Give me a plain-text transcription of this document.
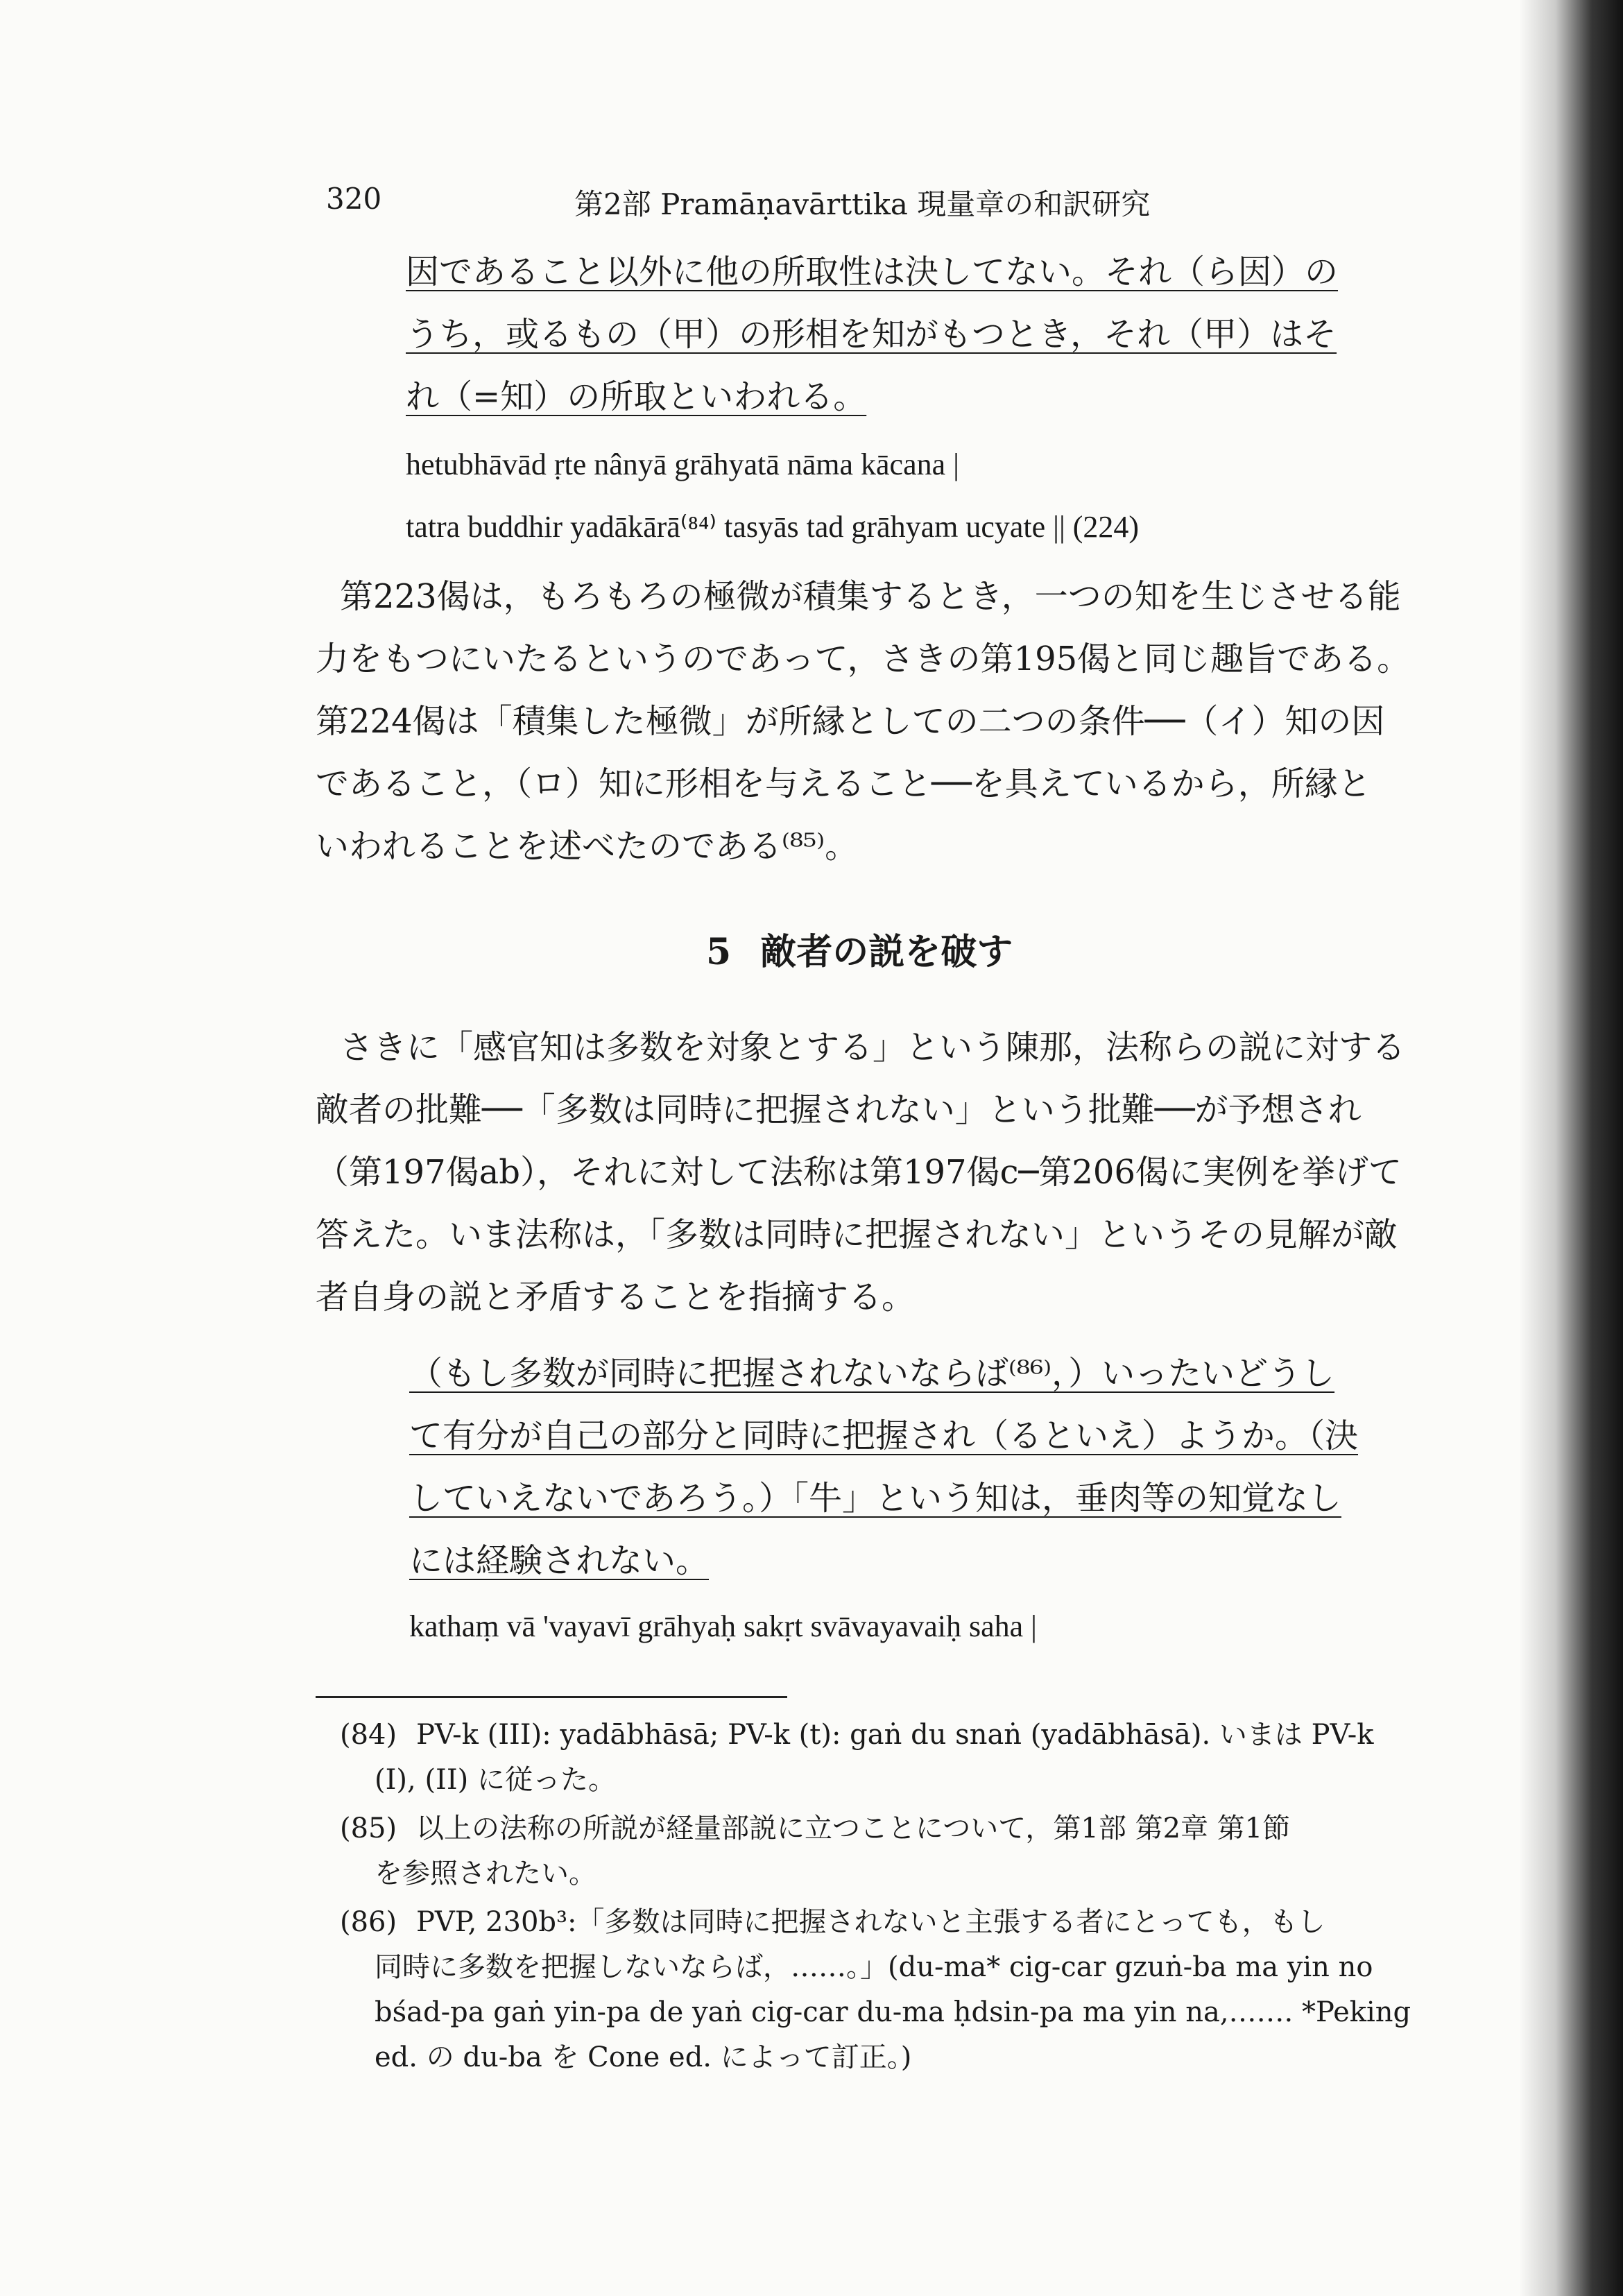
320	第2部 Pramāṇavārttika 現量章の和訳研究
因であること以外に他の所取性は決してない。それ（ら因）の
うち，或るもの（甲）の形相を知がもつとき，それ（甲）はそ
れ（=知）の所取といわれる。
hetubhāvād ṛte nânyā grāhyatā nāma kācana |
tatra buddhir yadākārā⁽⁸⁴⁾ tasyās tad grāhyam ucyate || (224)
第223偈は，もろもろの極微が積集するとき，一つの知を生じさせる能
力をもつにいたるというのであって，さきの第195偈と同じ趣旨である。
第224偈は「積集した極微」が所縁としての二つの条件──（イ）知の因
であること，（ロ）知に形相を与えること──を具えているから，所縁と
いわれることを述べたのである⁽⁸⁵⁾。
5 敵者の説を破す
さきに「感官知は多数を対象とする」という陳那，法称らの説に対する
敵者の批難──「多数は同時に把握されない」という批難──が予想され
（第197偈ab），それに対して法称は第197偈c─第206偈に実例を挙げて
答えた。いま法称は，「多数は同時に把握されない」というその見解が敵
者自身の説と矛盾することを指摘する。
（もし多数が同時に把握されないならば⁽⁸⁶⁾，）いったいどうし
て有分が自己の部分と同時に把握され（るといえ）ようか。（決
していえないであろう。）「牛」という知は，垂肉等の知覚なし
には経験されない。
kathaṃ vā 'vayavī grāhyaḥ sakṛt svāvayavaiḥ saha |
(84) PV-k (III): yadābhāsā; PV-k (t): gaṅ du snaṅ (yadābhāsā). いまは PV-k
(I), (II) に従った。
(85) 以上の法称の所説が経量部説に立つことについて，第1部 第2章 第1節
を参照されたい。
(86) PVP, 230b³:「多数は同時に把握されないと主張する者にとっても，もし
同時に多数を把握しないならば，……。」(du-ma* cig-car gzuṅ-ba ma yin no
bśad-pa gaṅ yin-pa de yaṅ cig-car du-ma ḥdsin-pa ma yin na,……. *Peking
ed. の du-ba を Cone ed. によって訂正。)
